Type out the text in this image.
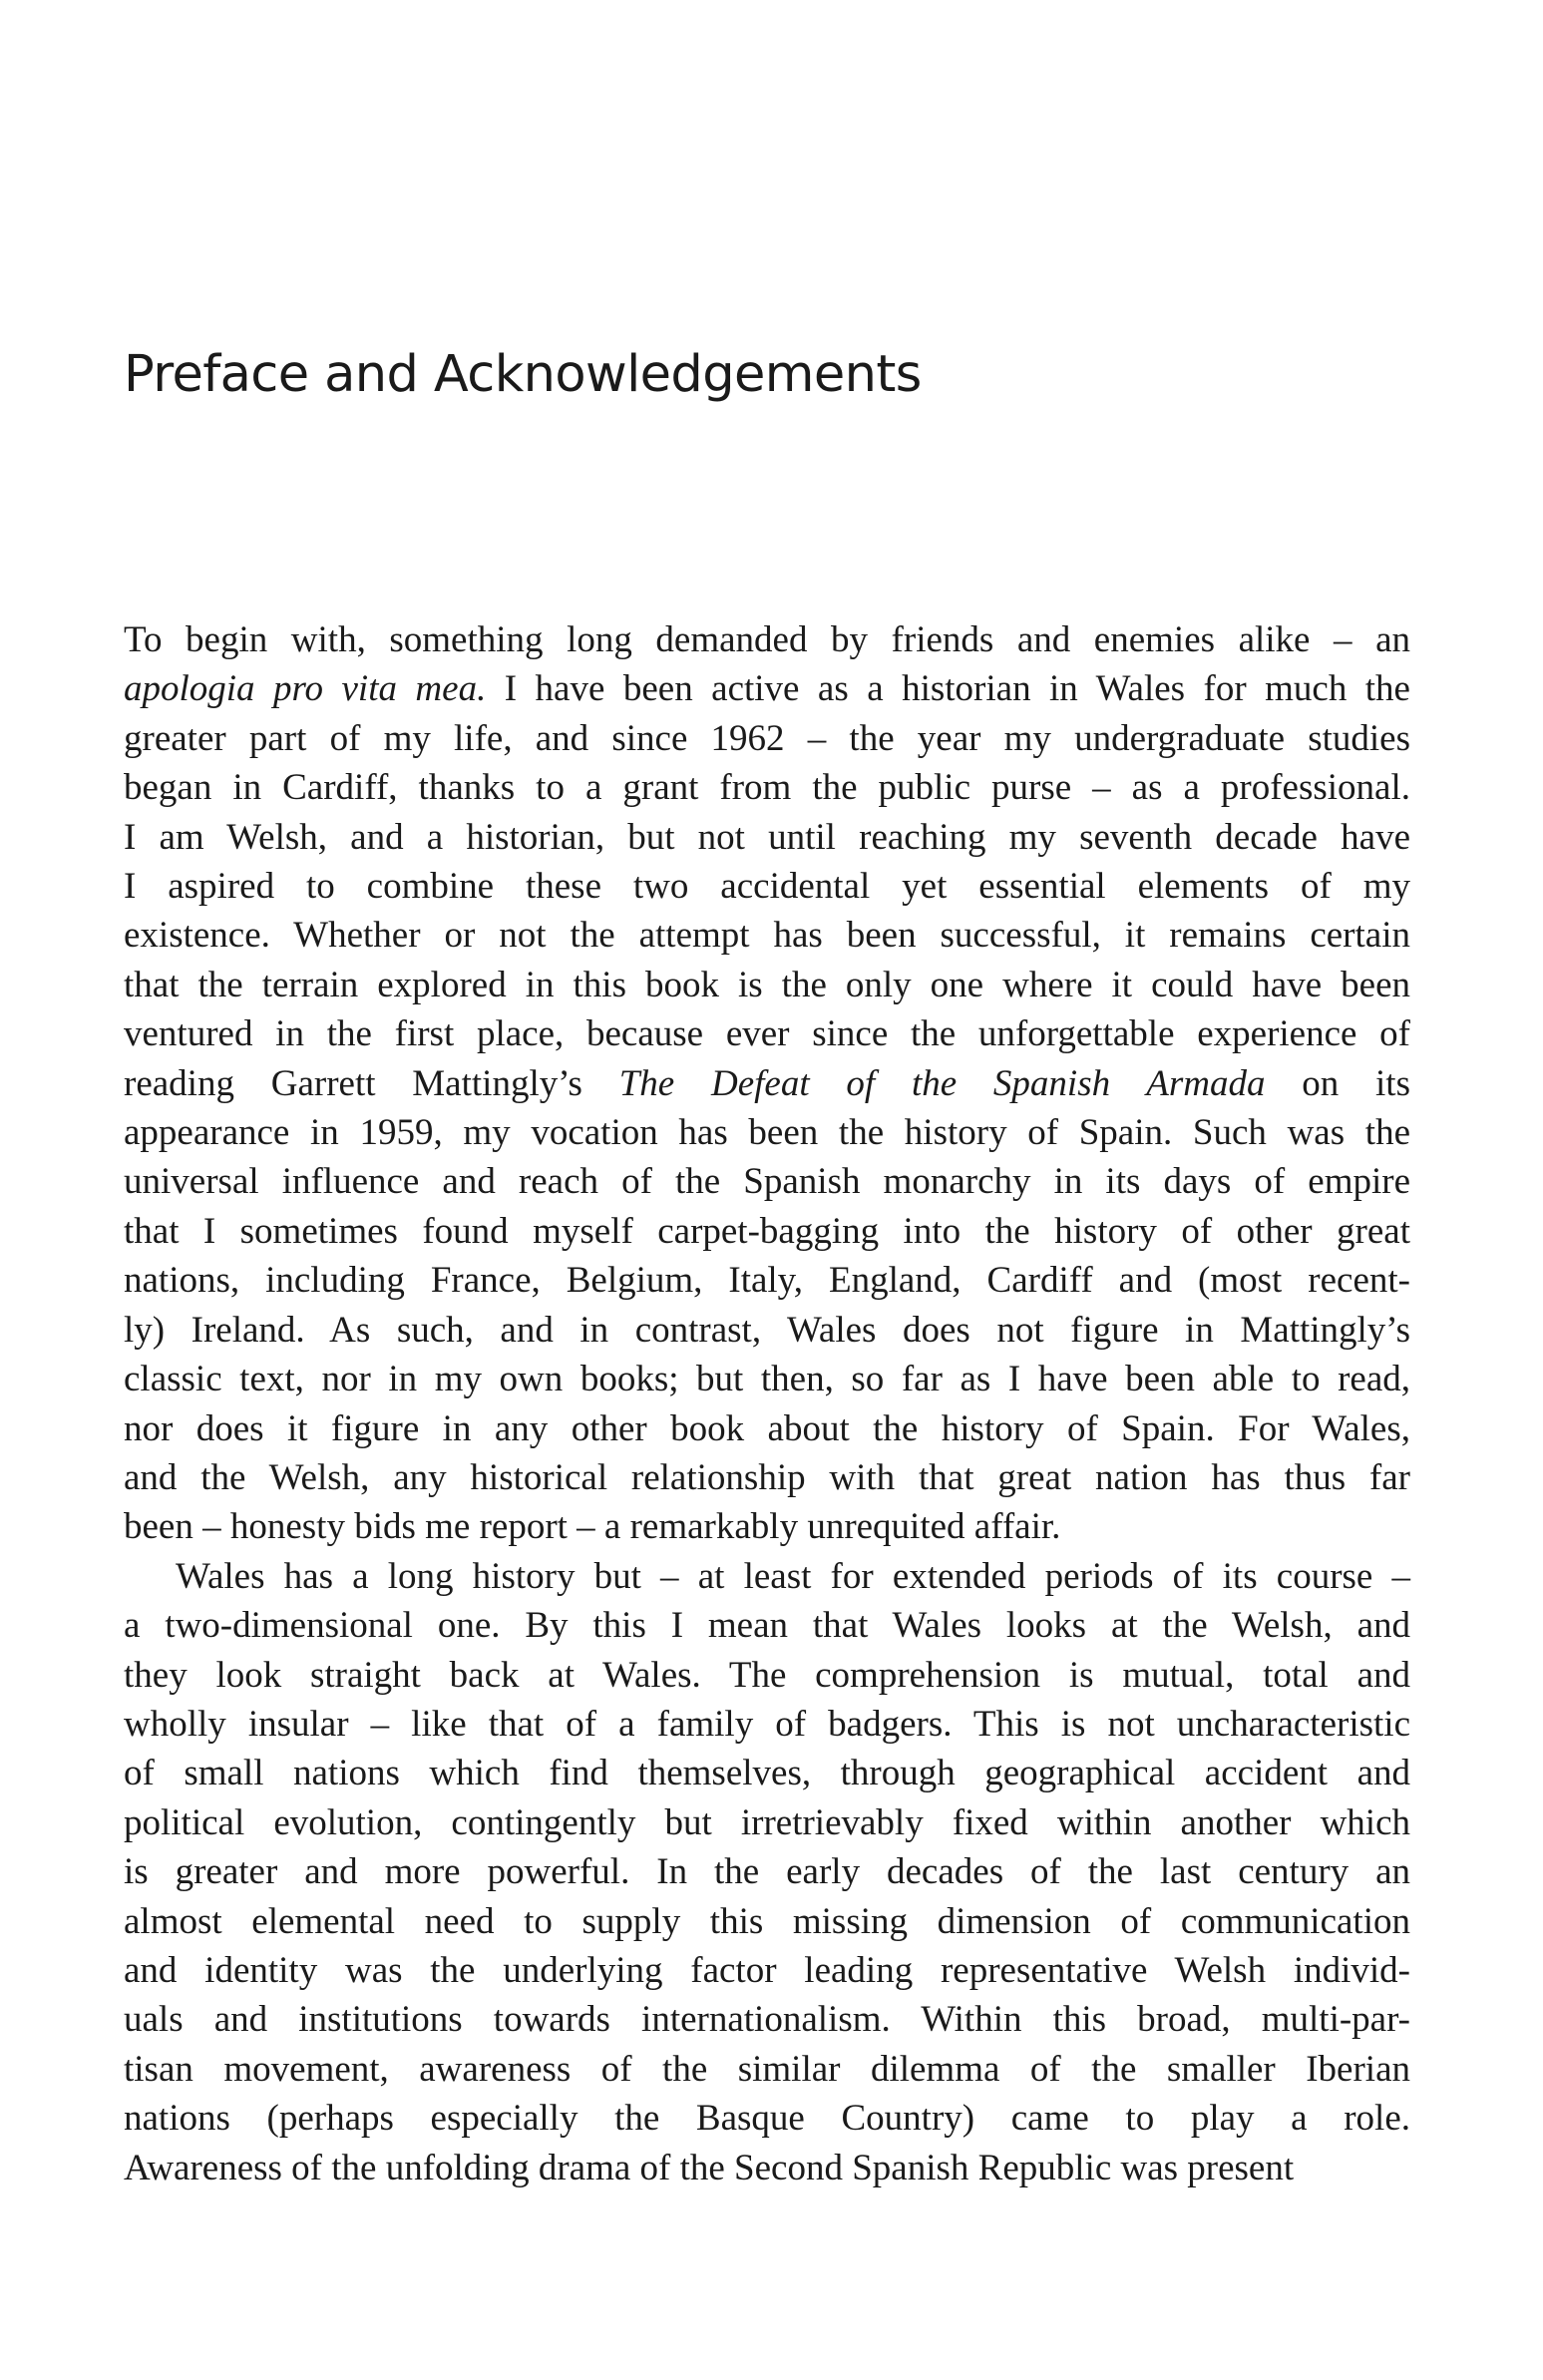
Preface and Acknowledgements

To begin with, something long demanded by friends and enemies alike – an
apologia pro vita mea. I have been active as a historian in Wales for much the
greater part of my life, and since 1962 – the year my undergraduate studies
began in Cardiff, thanks to a grant from the public purse – as a professional.
I am Welsh, and a historian, but not until reaching my seventh decade have
I aspired to combine these two accidental yet essential elements of my
existence. Whether or not the attempt has been successful, it remains certain
that the terrain explored in this book is the only one where it could have been
ventured in the first place, because ever since the unforgettable experience of
reading Garrett Mattingly’s The Defeat of the Spanish Armada on its
appearance in 1959, my vocation has been the history of Spain. Such was the
universal influence and reach of the Spanish monarchy in its days of empire
that I sometimes found myself carpet-bagging into the history of other great
nations, including France, Belgium, Italy, England, Cardiff and (most recent-
ly) Ireland. As such, and in contrast, Wales does not figure in Mattingly’s
classic text, nor in my own books; but then, so far as I have been able to read,
nor does it figure in any other book about the history of Spain. For Wales,
and the Welsh, any historical relationship with that great nation has thus far
been – honesty bids me report – a remarkably unrequited affair.

Wales has a long history but – at least for extended periods of its course –
a two-dimensional one. By this I mean that Wales looks at the Welsh, and
they look straight back at Wales. The comprehension is mutual, total and
wholly insular – like that of a family of badgers. This is not uncharacteristic
of small nations which find themselves, through geographical accident and
political evolution, contingently but irretrievably fixed within another which
is greater and more powerful. In the early decades of the last century an
almost elemental need to supply this missing dimension of communication
and identity was the underlying factor leading representative Welsh individ-
uals and institutions towards internationalism. Within this broad, multi-par-
tisan movement, awareness of the similar dilemma of the smaller Iberian
nations (perhaps especially the Basque Country) came to play a role.
Awareness of the unfolding drama of the Second Spanish Republic was present
